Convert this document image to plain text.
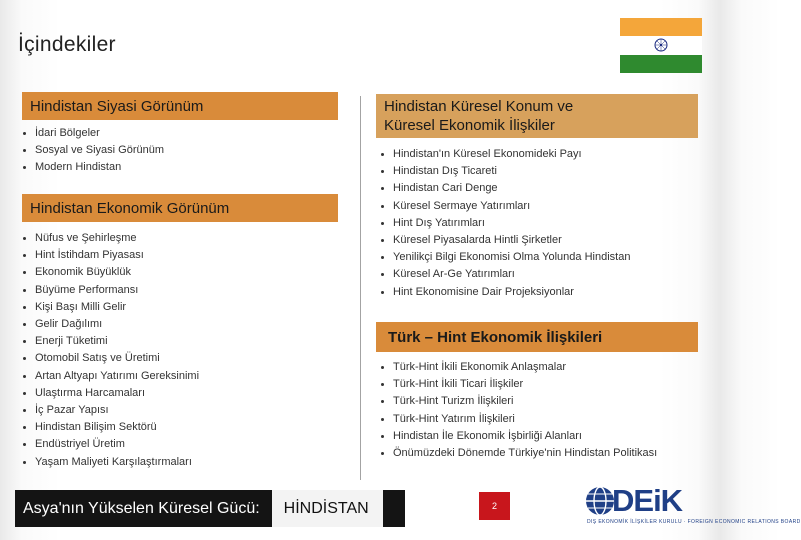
İçindekiler
Hindistan Siyasi Görünüm
İdari Bölgeler
Sosyal ve Siyasi Görünüm
Modern Hindistan
Hindistan Ekonomik Görünüm
Nüfus ve Şehirleşme
Hint İstihdam Piyasası
Ekonomik Büyüklük
Büyüme Performansı
Kişi Başı Milli Gelir
Gelir Dağılımı
Enerji Tüketimi
Otomobil Satış ve Üretimi
Artan Altyapı Yatırımı Gereksinimi
Ulaştırma Harcamaları
İç Pazar Yapısı
Hindistan Bilişim Sektörü
Endüstriyel Üretim
Yaşam Maliyeti Karşılaştırmaları
Hindistan Küresel Konum ve
Küresel Ekonomik İlişkiler
Hindistan'ın Küresel Ekonomideki Payı
Hindistan Dış Ticareti
Hindistan Cari Denge
Küresel Sermaye Yatırımları
Hint Dış Yatırımları
Küresel Piyasalarda Hintli Şirketler
Yenilikçi Bilgi Ekonomisi Olma Yolunda Hindistan
Küresel Ar-Ge Yatırımları
Hint Ekonomisine Dair Projeksiyonlar
Türk – Hint Ekonomik İlişkileri
Türk-Hint İkili Ekonomik Anlaşmalar
Türk-Hint İkili Ticari İlişkiler
Türk-Hint Turizm İlişkileri
Türk-Hint Yatırım İlişkileri
Hindistan İle Ekonomik İşbirliği Alanları
Önümüzdeki Dönemde Türkiye'nin Hindistan Politikası
Asya'nın Yükselen Küresel Gücü:	HİNDİSTAN	2	DEiK
DIŞ EKONOMİK İLİŞKİLER KURULU · FOREIGN ECONOMIC RELATIONS BOARD
